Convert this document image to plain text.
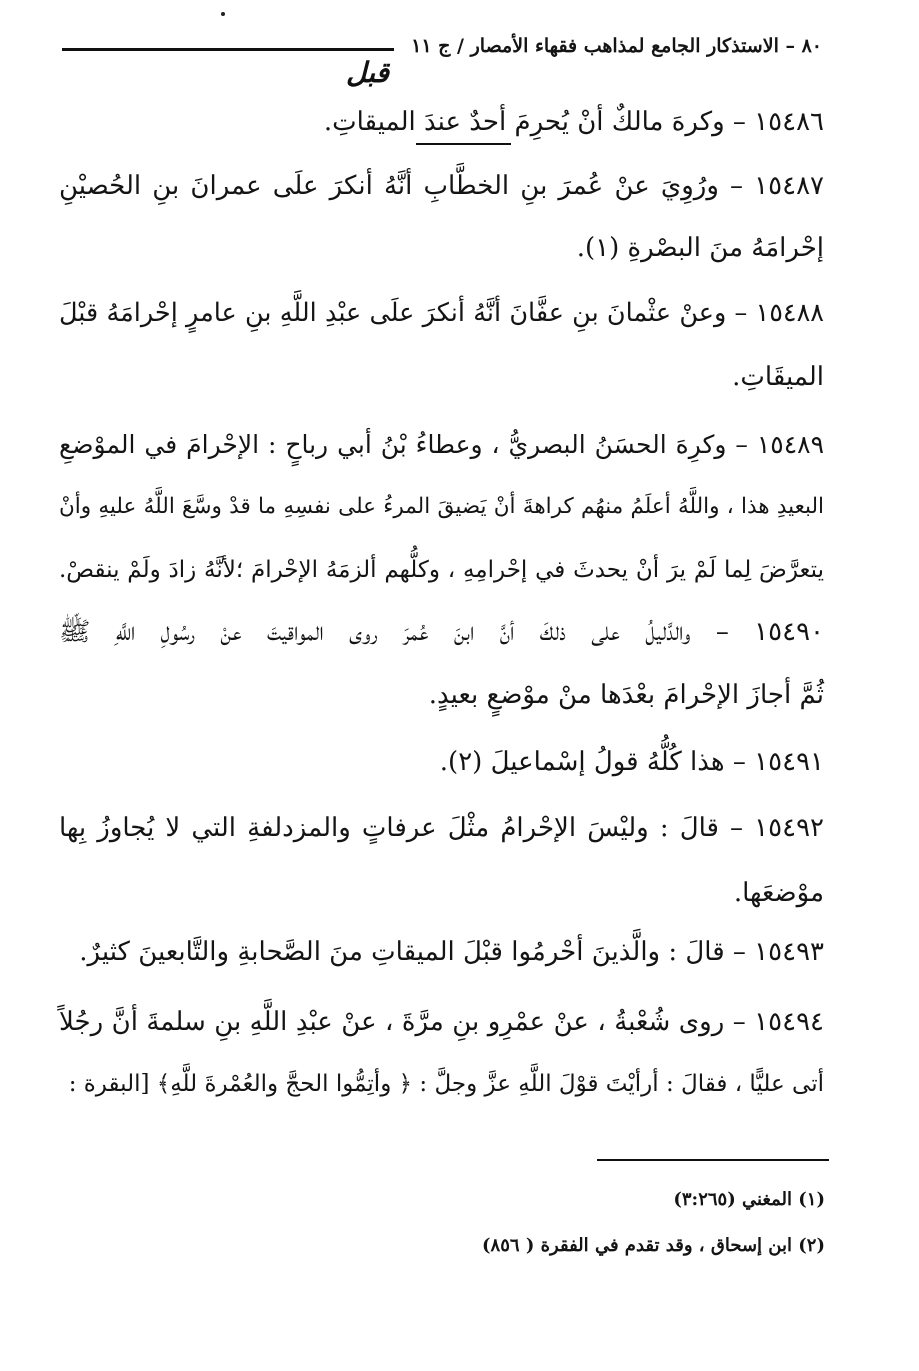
٨٠ – الاستذكار الجامع لمذاهب فقهاء الأمصار / ج ١١
قبل
١٥٤٨٦ – وكرهَ مالكٌ أنْ يُحرِمَ أحدٌ عندَ الميقاتِ.
١٥٤٨٧ – ورُوِيَ عنْ عُمرَ بنِ الخطَّابِ أنَّهُ أنكرَ علَى عمرانَ بنِ الحُصيْنِ
إحْرامَهُ منَ البصْرةِ (١).
١٥٤٨٨ – وعنْ عثْمانَ بنِ عفَّانَ أنَّهُ أنكرَ علَى عبْدِ اللَّهِ بنِ عامرٍ إحْرامَهُ قبْلَ
الميقَاتِ.
١٥٤٨٩ – وكرِهَ الحسَنُ البصريُّ ، وعطاءُ بْنُ أبي رباحٍ : الإحْرامَ في الموْضعِ
البعيدِ هذا ، واللَّهُ أعلَمُ منهُم كراهةَ أنْ يَضيقَ المرءُ على نفسِهِ ما قدْ وسَّعَ اللَّهُ عليهِ وأنْ
يتعرَّضَ لِما لَمْ يرَ أنْ يحدثَ في إحْرامِهِ ، وكلُّهم ألزمَهُ الإحْرامَ ؛لأنَّهُ زادَ ولَمْ ينقصْ.
١٥٤٩٠ – والدَّليلُ على ذلكَ أنَّ ابنَ عُمرَ روى المواقيتَ عنْ رسُولِ اللَّهِ ﷺ
ثُمَّ أجازَ الإحْرامَ بعْدَها منْ موْضعٍ بعيدٍ.
١٥٤٩١ – هذا كُلُّهُ قولُ إسْماعيلَ (٢).
١٥٤٩٢ – قالَ : وليْسَ الإحْرامُ مثْلَ عرفاتٍ والمزدلفةِ التي لا يُجاوزُ بِها
موْضعَها.
١٥٤٩٣ – قالَ : والَّذينَ أحْرمُوا قبْلَ الميقاتِ منَ الصَّحابةِ والتَّابعينَ كثيرٌ.
١٥٤٩٤ – روى شُعْبةُ ، عنْ عمْرِو بنِ مرَّةَ ، عنْ عبْدِ اللَّهِ بنِ سلمةَ أنَّ رجُلاً
أتى عليًّا ، فقالَ : أرأيْتَ قوْلَ اللَّهِ عزَّ وجلَّ : ﴿ وأتِمُّوا الحجَّ والعُمْرةَ للَّهِ﴾ [البقرة :
(١) المغني (٣:٢٦٥)
(٢) ابن إسحاق ، وقد تقدم في الفقرة ( ٨٥٦)
